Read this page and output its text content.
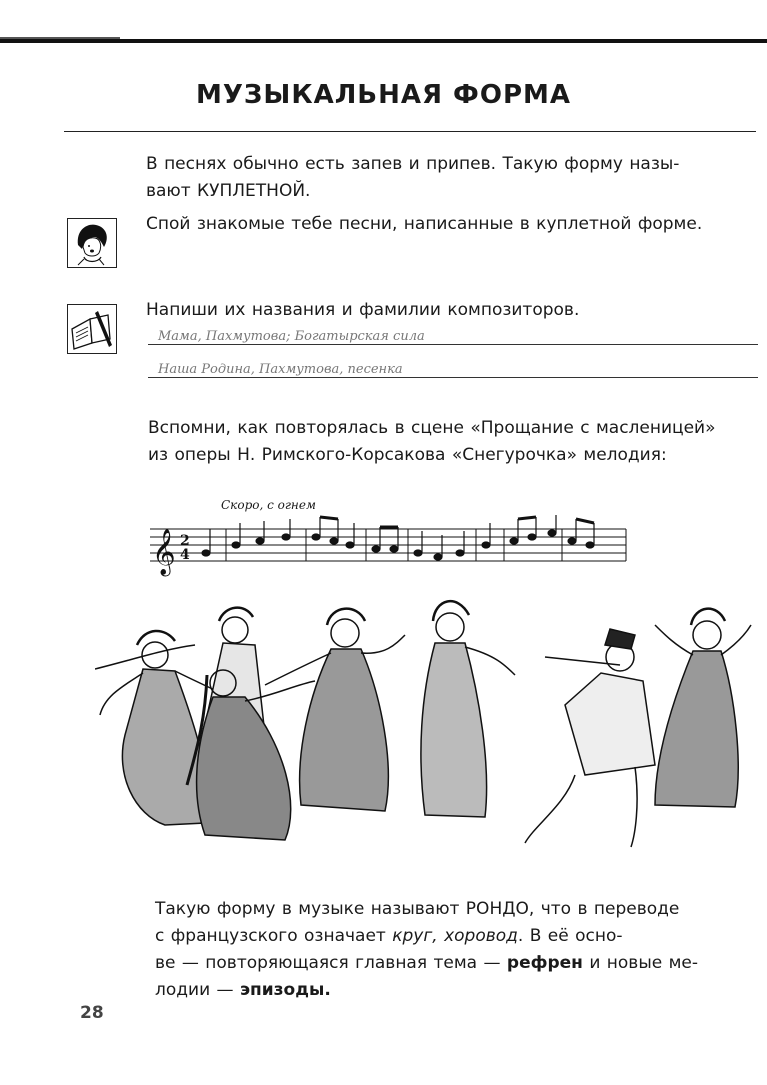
МУЗЫКАЛЬНАЯ ФОРМА
В песнях обычно есть запев и припев. Такую форму назы-
вают КУПЛЕТНОЙ.
Спой знакомые тебе песни, написанные в куплетной форме.
Напиши их названия и фамилии композиторов.
Мама, Пахмутова; Богатырская сила
Наша Родина, Пахмутова, песенка
Вспомни, как повторялась в сцене «Прощание с масленицей»
из оперы Н. Римского-Корсакова «Снегурочка» мелодия:
Скоро, с огнем
𝄞 2
4
Такую форму в музыке называют РОНДО, что в переводе
с французского означает круг, хоровод. В её осно-
ве — повторяющаяся главная тема — рефрен и новые ме-
лодии — эпизоды.
28
